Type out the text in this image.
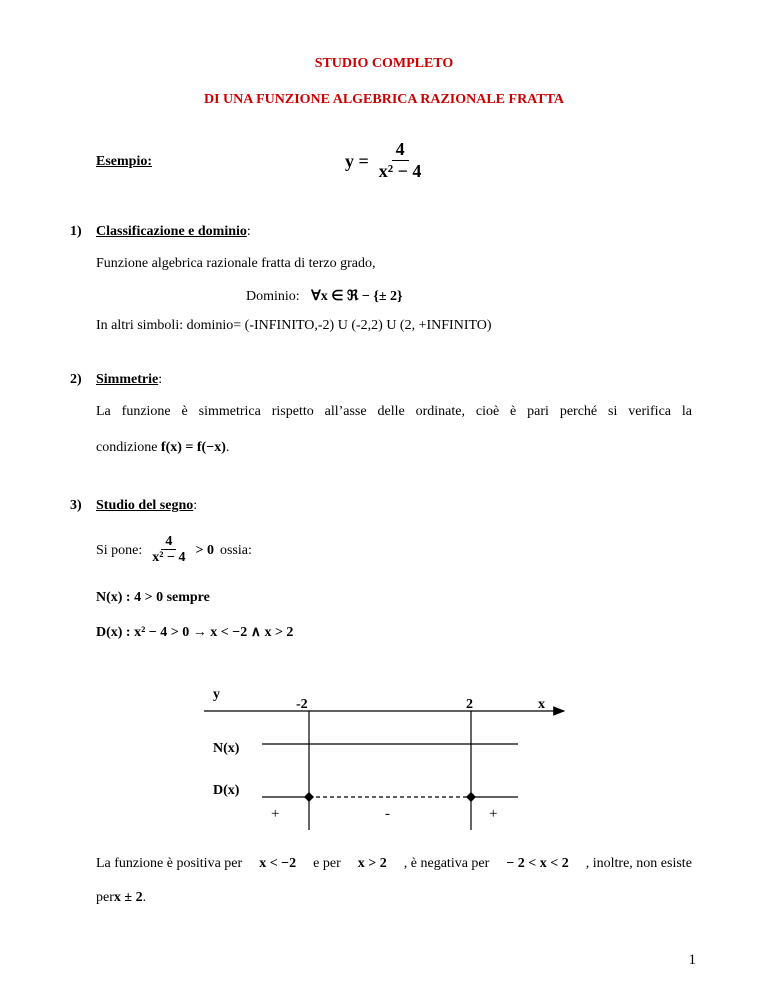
STUDIO COMPLETO
DI UNA FUNZIONE ALGEBRICA RAZIONALE FRATTA
Esempio:	$y = \frac{4}{\text{x² − 4}}$
1) Classificazione e dominio:
Funzione algebrica razionale fratta di terzo grado,
Dominio: ∀x ∈ ℜ − {± 2}
In altri simboli: dominio= (-INFINITO,-2) U (-2,2) U (2, +INFINITO)
2) Simmetrie:
La funzione è simmetrica rispetto all’asse delle ordinate, cioè è pari perché si verifica la
condizione f(x) = f(−x).
3) Studio del segno:
Si pone: $\frac{4}{\text{x² − 4}} > 0$ ossia:
N(x) : 4 > 0 sempre
D(x) : x² − 4 > 0 → x < −2 ∧ x > 2
y
x
-2	2
N(x)
D(x)
+	-	+
La funzione è positiva per x < −2 e per x > 2 , è negativa per − 2 < x < 2 , inoltre, non esiste
perx ± 2.
1
